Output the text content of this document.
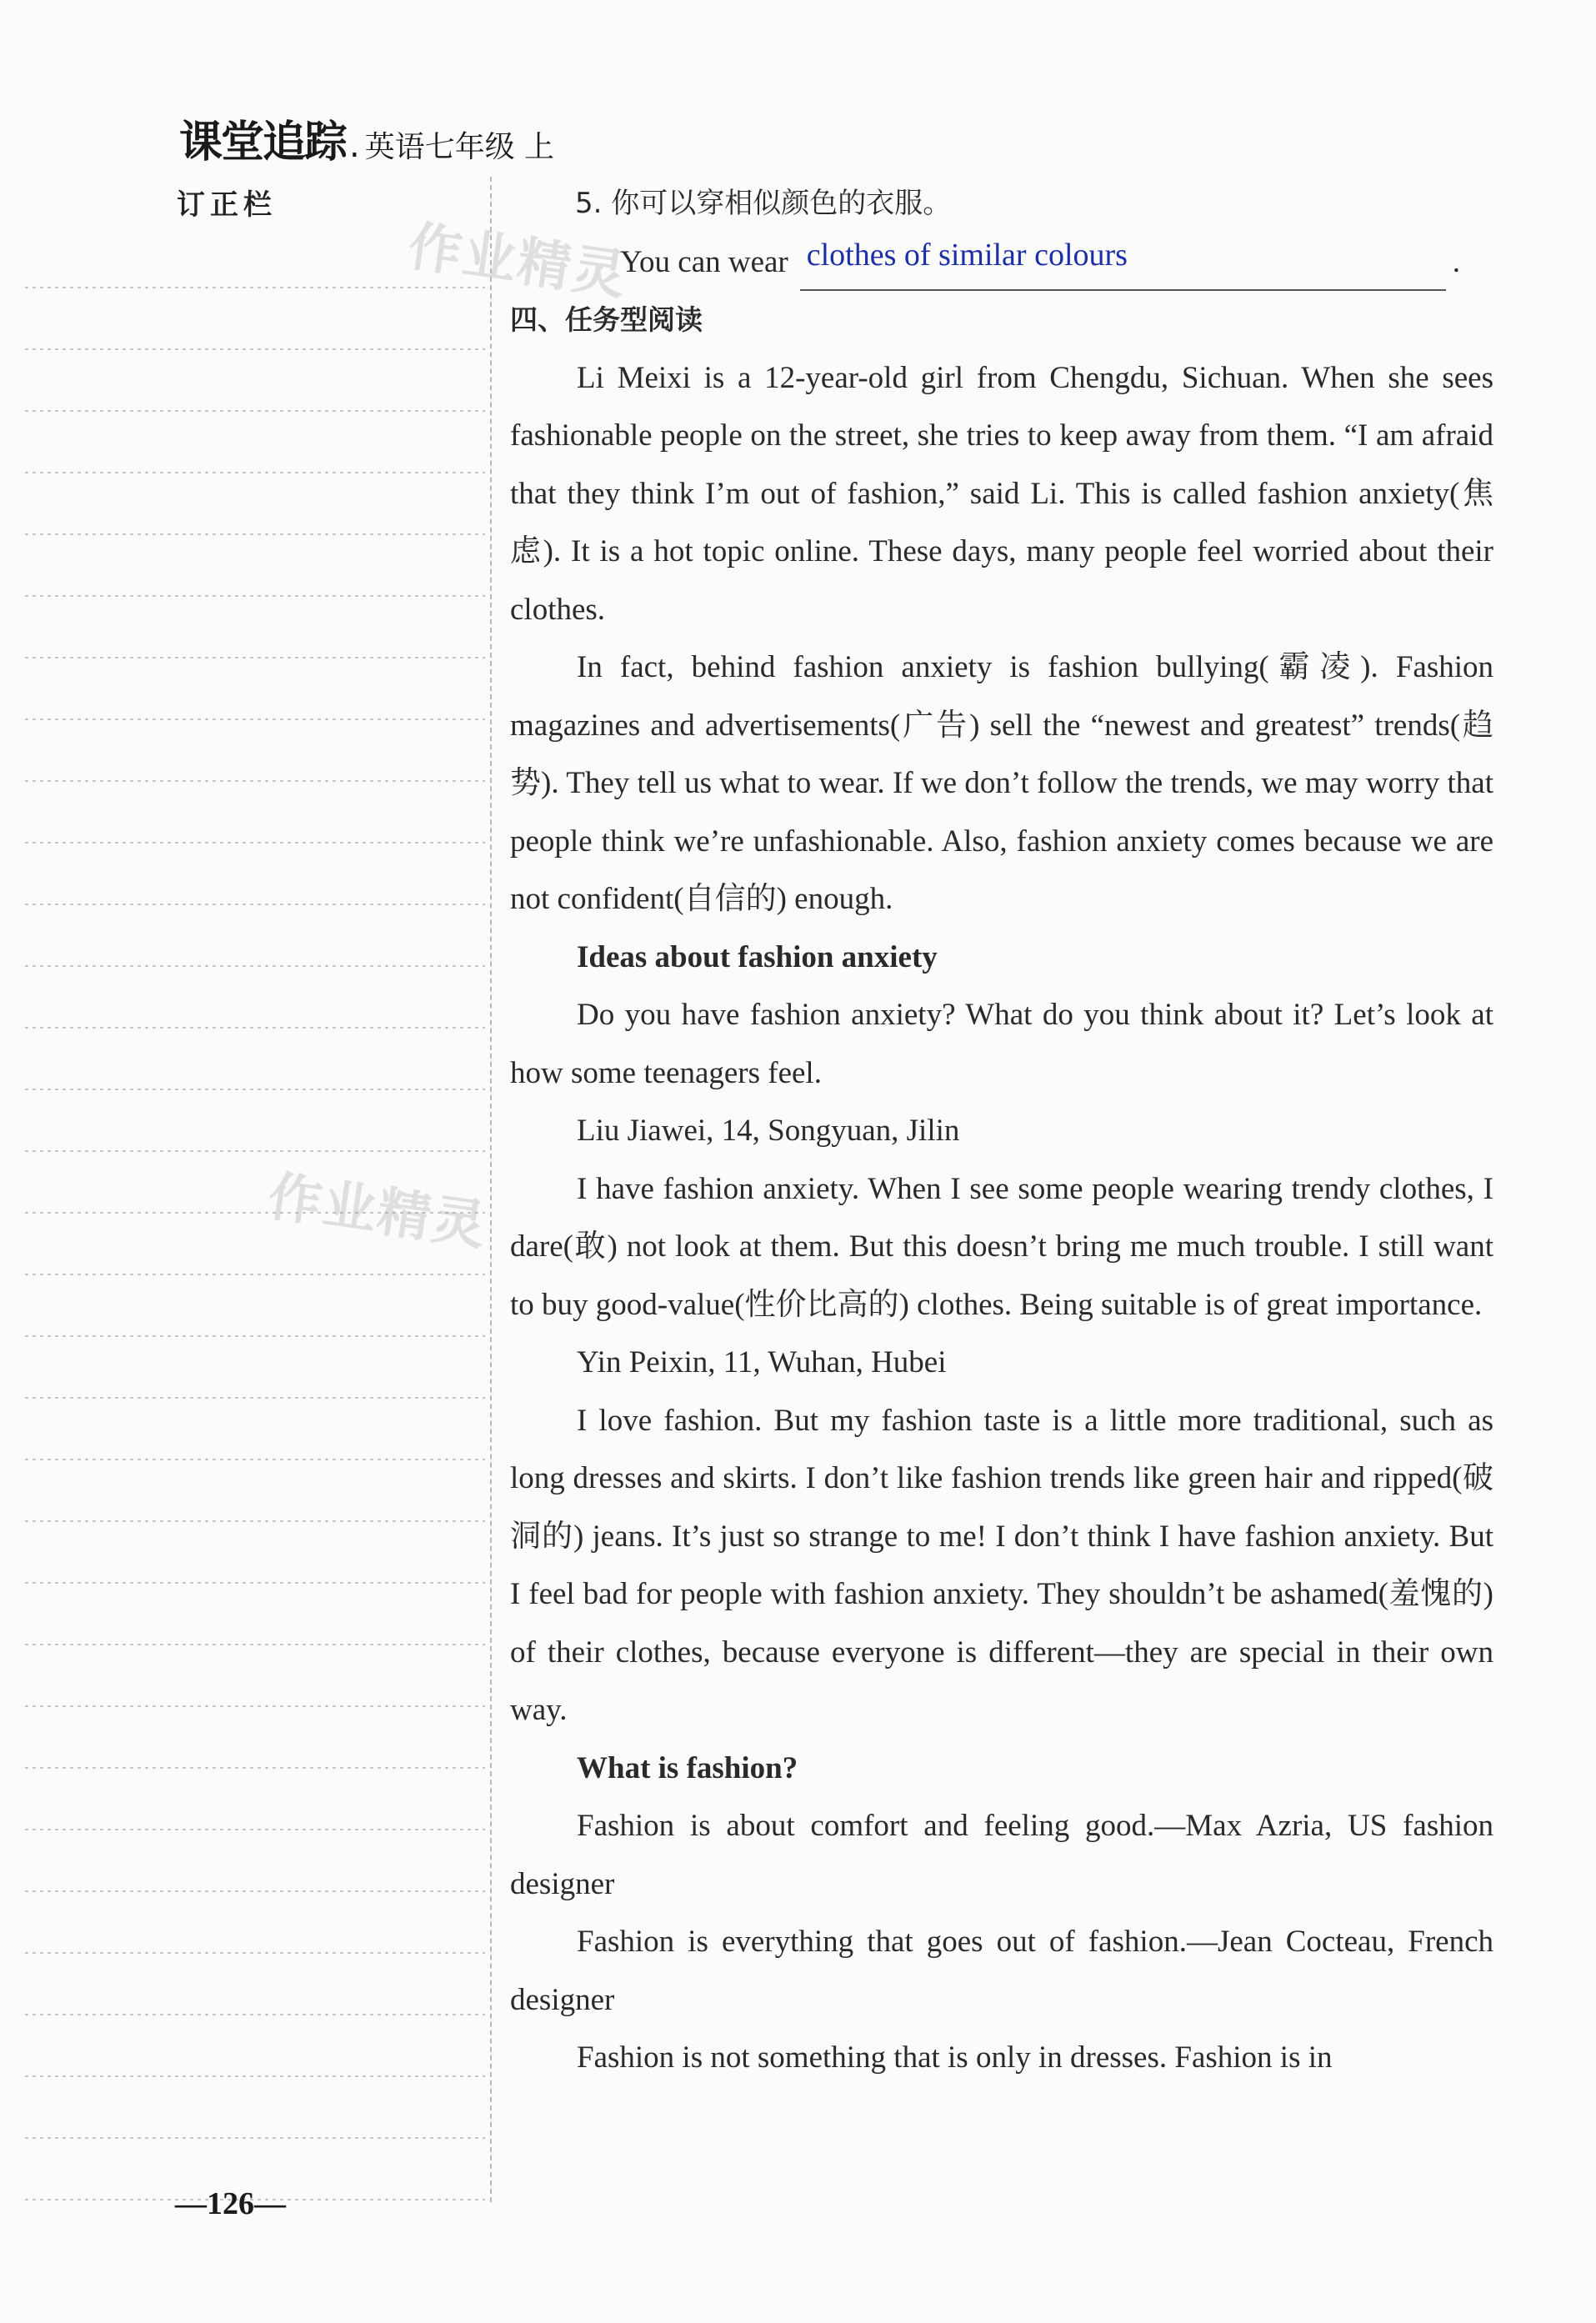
课堂追踪 . 英语七年级 上
订正栏
作业精灵
作业精灵

5. 你可以穿相似颜色的衣服。

You can wear clothes of similar colours	.

四、任务型阅读

Li Meixi is a 12-year-old girl from Chengdu, Sichuan. When she sees fashionable people on the street, she tries to keep away from them. “I am afraid that they think I’m out of fashion,” said Li. This is called fashion anxiety(焦虑). It is a hot topic online. These days, many people feel worried about their clothes.

In fact, behind fashion anxiety is fashion bullying(霸凌). Fashion magazines and advertisements(广告) sell the “newest and greatest” trends(趋势). They tell us what to wear. If we don’t follow the trends, we may worry that people think we’re unfashionable. Also, fashion anxiety comes because we are not confident(自信的) enough.

Ideas about fashion anxiety

Do you have fashion anxiety? What do you think about it? Let’s look at how some teenagers feel.

Liu Jiawei, 14, Songyuan, Jilin

I have fashion anxiety. When I see some people wearing trendy clothes, I dare(敢) not look at them. But this doesn’t bring me much trouble. I still want to buy good-value(性价比高的) clothes. Being suitable is of great importance.

Yin Peixin, 11, Wuhan, Hubei

I love fashion. But my fashion taste is a little more traditional, such as long dresses and skirts. I don’t like fashion trends like green hair and ripped(破洞的) jeans. It’s just so strange to me! I don’t think I have fashion anxiety. But I feel bad for people with fashion anxiety. They shouldn’t be ashamed(羞愧的) of their clothes, because everyone is different—they are special in their own way.

What is fashion?

Fashion is about comfort and feeling good.—Max Azria, US fashion designer

Fashion is everything that goes out of fashion.—Jean Cocteau, French designer

Fashion is not something that is only in dresses. Fashion is in

—126—
